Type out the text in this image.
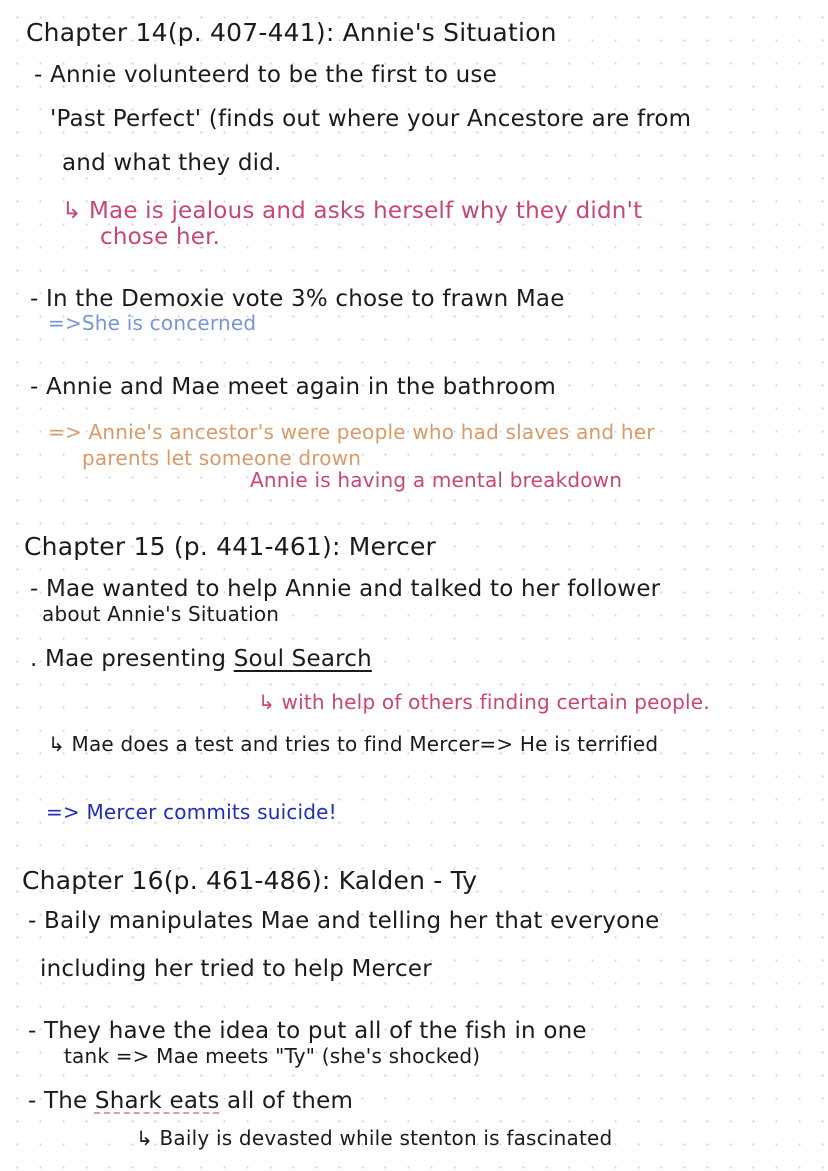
Chapter 14(p. 407-441): Annie's Situation
- Annie volunteerd to be the first to use
'Past Perfect' (finds out where your Ancestore are from
and what they did.
↳ Mae is jealous and asks herself why they didn't
chose her.
- In the Demoxie vote 3% chose to frawn Mae
=>She is concerned
- Annie and Mae meet again in the bathroom
=> Annie's ancestor's were people who had slaves and her
parents let someone drown
Annie is having a mental breakdown
Chapter 15 (p. 441-461): Mercer
- Mae wanted to help Annie and talked to her follower
about Annie's Situation
. Mae presenting Soul Search
↳ with help of others finding certain people.
↳ Mae does a test and tries to find Mercer=> He is terrified
=> Mercer commits suicide!
Chapter 16(p. 461-486): Kalden - Ty
- Baily manipulates Mae and telling her that everyone
including her tried to help Mercer
- They have the idea to put all of the fish in one
tank => Mae meets "Ty" (she's shocked)
- The Shark eats all of them
↳ Baily is devasted while stenton is fascinated
